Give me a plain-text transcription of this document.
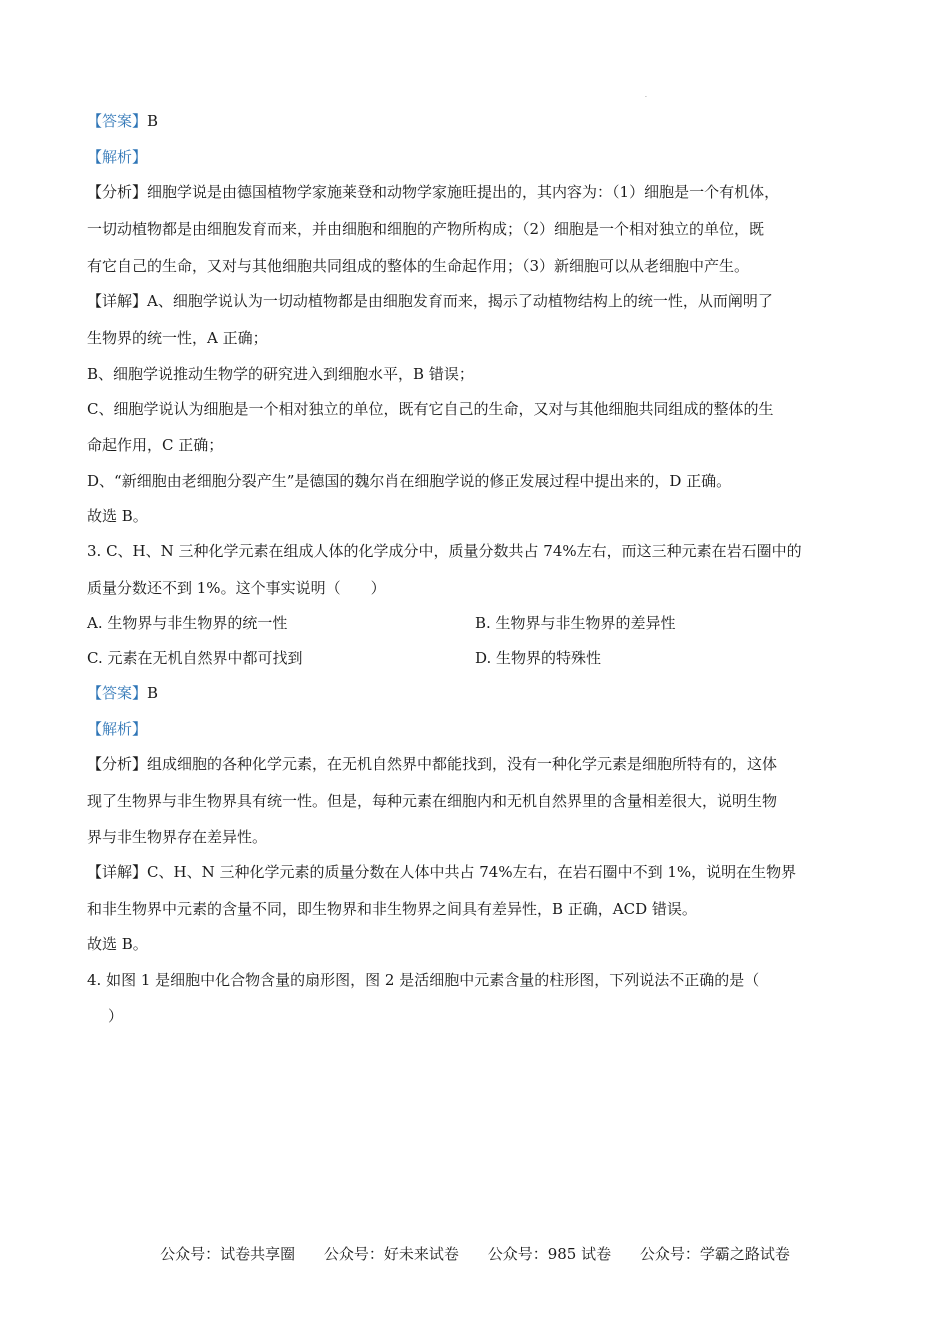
.
【答案】B
【解析】
【分析】细胞学说是由德国植物学家施莱登和动物学家施旺提出的，其内容为：（1）细胞是一个有机体，
一切动植物都是由细胞发育而来，并由细胞和细胞的产物所构成；（2）细胞是一个相对独立的单位，既
有它自己的生命，又对与其他细胞共同组成的整体的生命起作用；（3）新细胞可以从老细胞中产生。
【详解】A、细胞学说认为一切动植物都是由细胞发育而来，揭示了动植物结构上的统一性，从而阐明了
生物界的统一性，A 正确；
B、细胞学说推动生物学的研究进入到细胞水平，B 错误；
C、细胞学说认为细胞是一个相对独立的单位，既有它自己的生命，又对与其他细胞共同组成的整体的生
命起作用，C 正确；
D、“新细胞由老细胞分裂产生”是德国的魏尔肖在细胞学说的修正发展过程中提出来的，D 正确。
故选 B。
3. C、H、N 三种化学元素在组成人体的化学成分中，质量分数共占 74%左右，而这三种元素在岩石圈中的
质量分数还不到 1%。这个事实说明（　　）
A. 生物界与非生物界的统一性	B. 生物界与非生物界的差异性
C. 元素在无机自然界中都可找到	D. 生物界的特殊性
【答案】B
【解析】
【分析】组成细胞的各种化学元素，在无机自然界中都能找到，没有一种化学元素是细胞所特有的，这体
现了生物界与非生物界具有统一性。但是，每种元素在细胞内和无机自然界里的含量相差很大，说明生物
界与非生物界存在差异性。
【详解】C、H、N 三种化学元素的质量分数在人体中共占 74%左右，在岩石圈中不到 1%，说明在生物界
和非生物界中元素的含量不同，即生物界和非生物界之间具有差异性，B 正确，ACD 错误。
故选 B。
4. 如图 1 是细胞中化合物含量的扇形图，图 2 是活细胞中元素含量的柱形图，下列说法不正确的是（
　）
公众号：试卷共享圈 公众号：好未来试卷 公众号：985 试卷 公众号：学霸之路试卷
